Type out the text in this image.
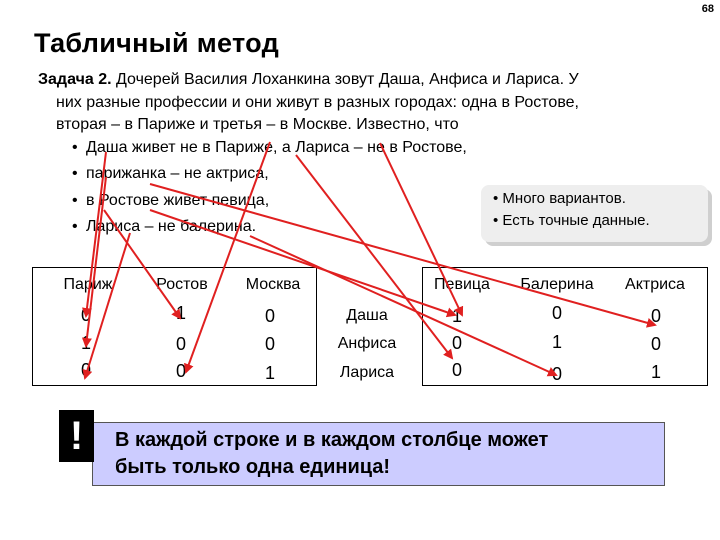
68
Табличный метод
Задача 2. Дочерей Василия Лоханкина зовут Даша, Анфиса и Лариса. У
них разные профессии и они живут в разных городах: одна в Ростове,
вторая – в Париже и третья – в Москве. Известно, что
• Даша живет не в Париже, а Лариса – не в Ростове,
• парижанка – не актриса,
• в Ростове живет певица,
• Лариса – не балерина.
• Много вариантов.
• Есть точные данные.
Париж	Ростов	Москва
0	1	0
1	0	0
0	0	1
Даша
Анфиса
Лариса
Певица	Балерина	Актриса
1	0	0
0	1	0
0	0	1
В каждой строке и в каждом столбце может
быть только одна единица!
!
